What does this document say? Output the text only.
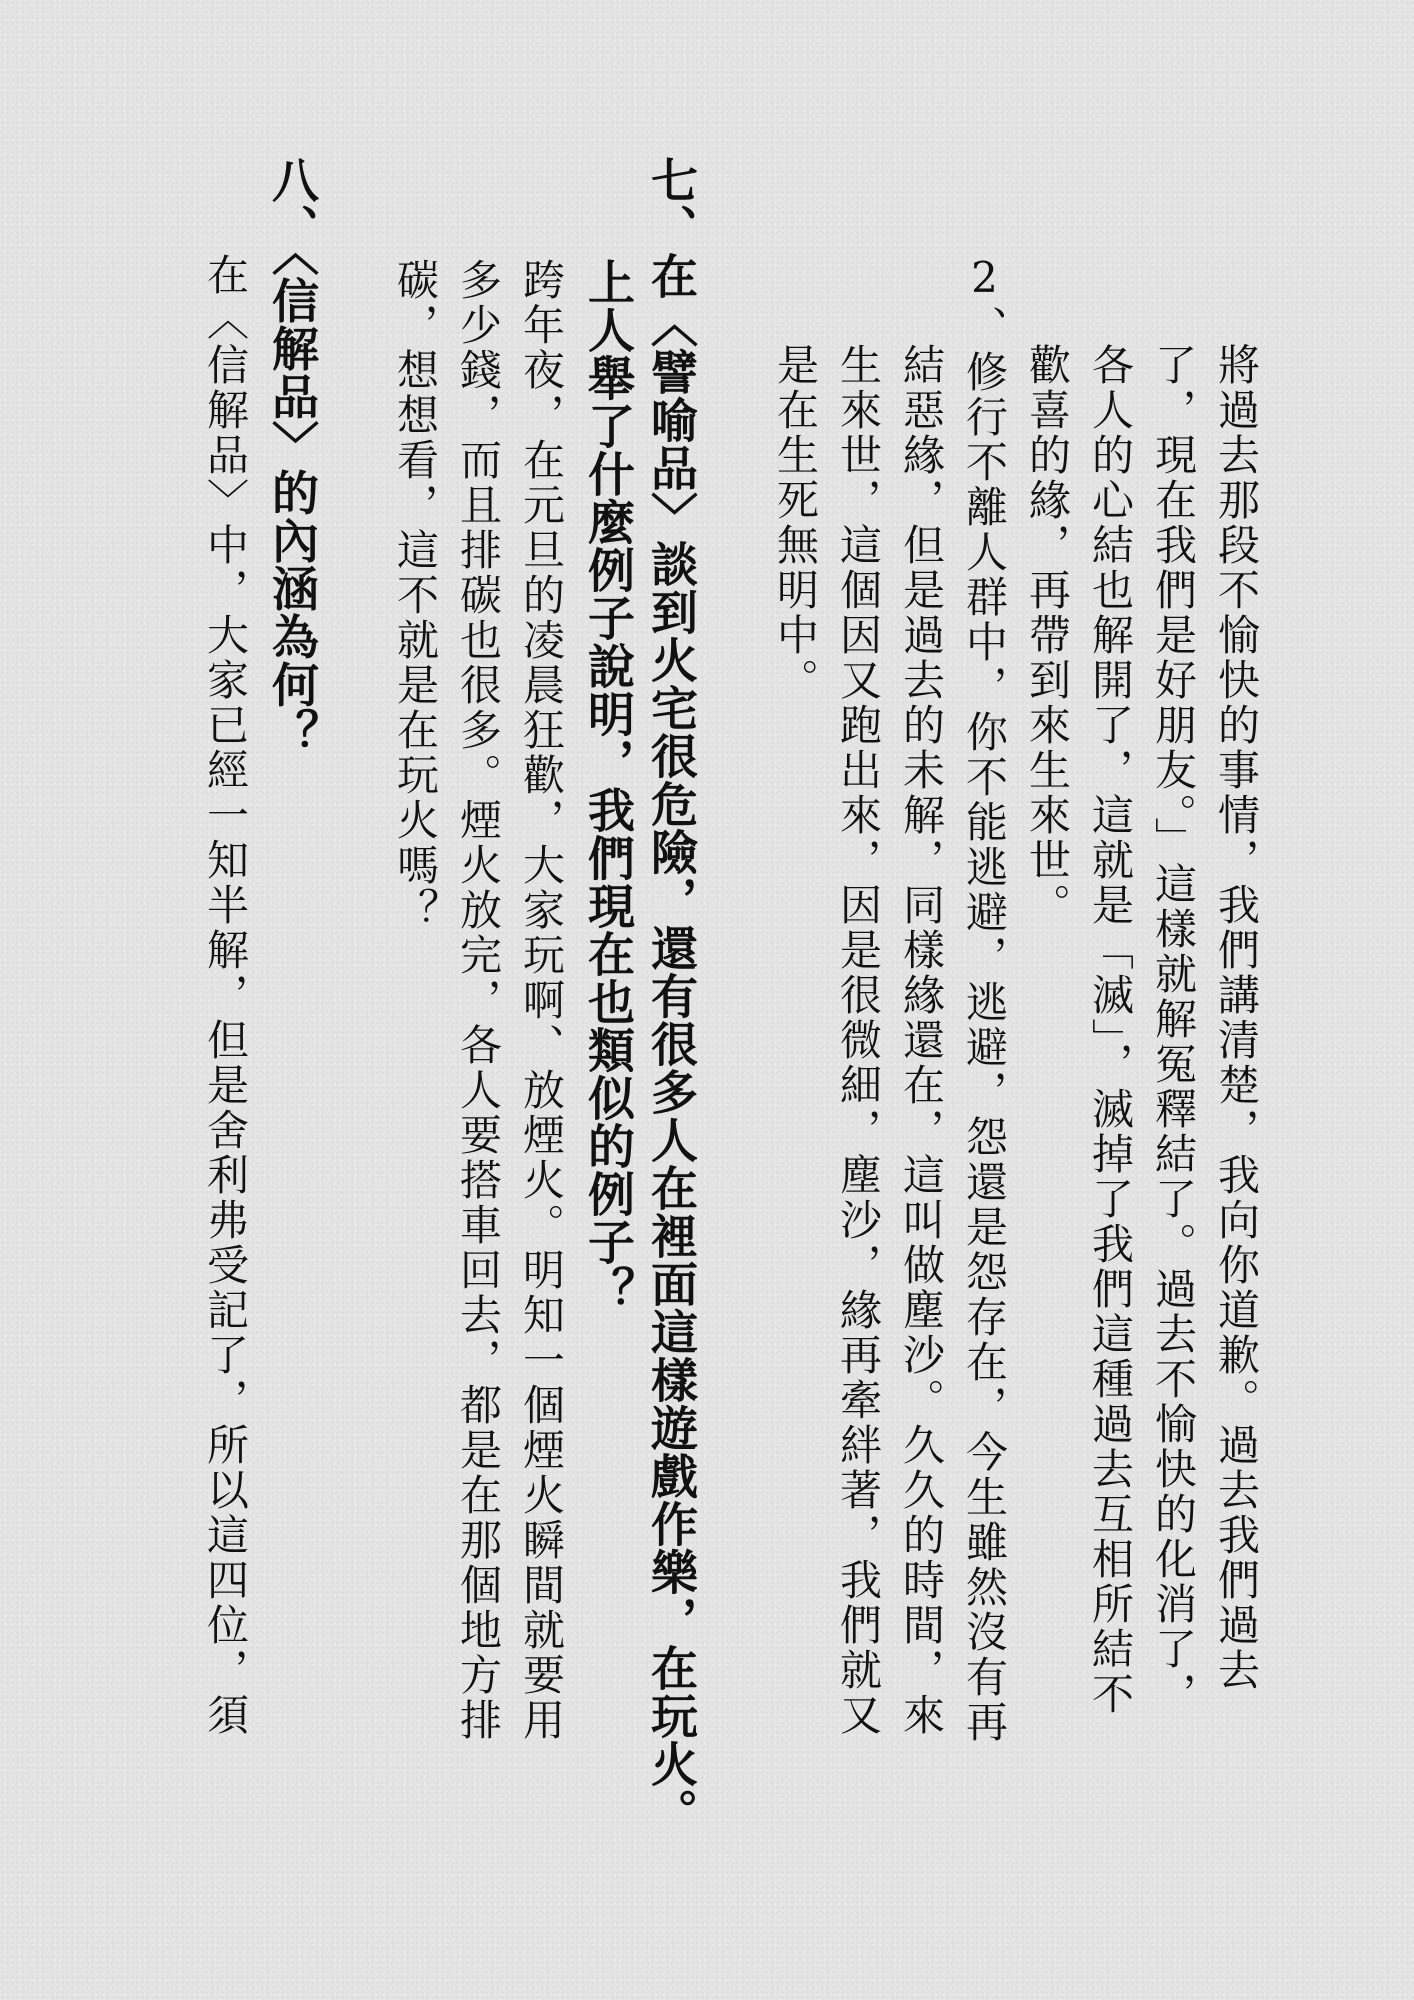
將過去那段不愉快的事情，我們講清楚，我向你道歉。過去我們過去

了，現在我們是好朋友。」這樣就解冤釋結了。過去不愉快的化消了，

各人的心結也解開了，這就是「滅」，滅掉了我們這種過去互相所結不

歡喜的緣，再帶到來生來世。

2、修行不離人群中，你不能逃避，逃避，怨還是怨存在，今生雖然沒有再

結惡緣，但是過去的未解，同樣緣還在，這叫做塵沙。久久的時間，來

生來世，這個因又跑出來，因是很微細，塵沙，緣再牽絆著，我們就又

是在生死無明中。

七、在〈譬喻品〉談到火宅很危險，還有很多人在裡面這樣遊戲作樂，在玩火。

上人舉了什麼例子說明，我們現在也類似的例子？

跨年夜，在元旦的凌晨狂歡，大家玩啊、放煙火。明知一個煙火瞬間就要用

多少錢，而且排碳也很多。煙火放完，各人要搭車回去，都是在那個地方排

碳，想想看，這不就是在玩火嗎？

八、〈信解品〉的內涵為何？

在〈信解品〉中，大家已經一知半解，但是舍利弗受記了，所以這四位，須
